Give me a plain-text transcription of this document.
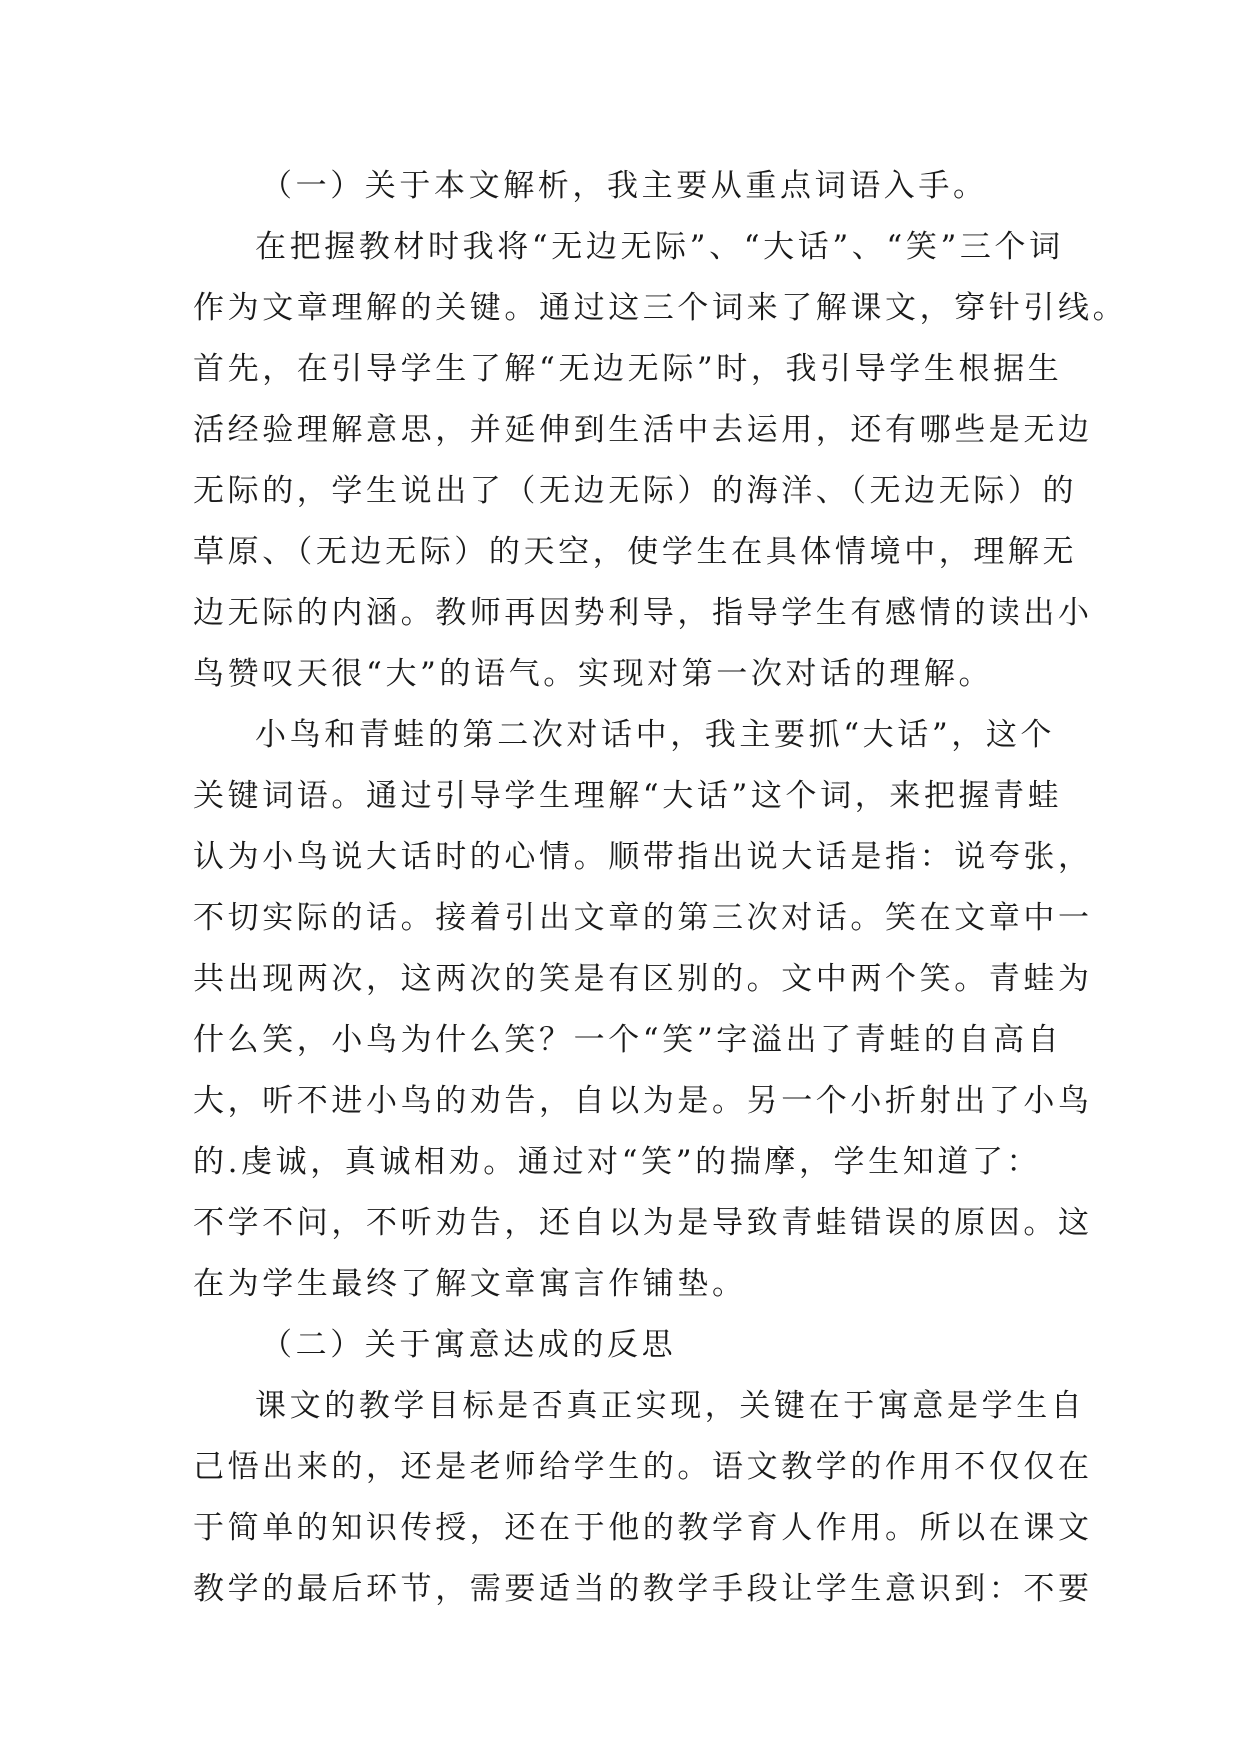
（一）关于本文解析，我主要从重点词语入手。
在把握教材时我将“无边无际”、“大话”、“笑”三个词
作为文章理解的关键。通过这三个词来了解课文，穿针引线。
首先，在引导学生了解“无边无际”时，我引导学生根据生
活经验理解意思，并延伸到生活中去运用，还有哪些是无边
无际的，学生说出了（无边无际）的海洋、（无边无际）的
草原、（无边无际）的天空，使学生在具体情境中，理解无
边无际的内涵。教师再因势利导，指导学生有感情的读出小
鸟赞叹天很“大”的语气。实现对第一次对话的理解。
小鸟和青蛙的第二次对话中，我主要抓“大话”，这个
关键词语。通过引导学生理解“大话”这个词，来把握青蛙
认为小鸟说大话时的心情。顺带指出说大话是指：说夸张，
不切实际的话。接着引出文章的第三次对话。笑在文章中一
共出现两次，这两次的笑是有区别的。文中两个笑。青蛙为
什么笑，小鸟为什么笑？一个“笑”字溢出了青蛙的自高自
大，听不进小鸟的劝告，自以为是。另一个小折射出了小鸟
的.虔诚，真诚相劝。通过对“笑”的揣摩，学生知道了：
不学不问，不听劝告，还自以为是导致青蛙错误的原因。这
在为学生最终了解文章寓言作铺垫。
（二）关于寓意达成的反思
课文的教学目标是否真正实现，关键在于寓意是学生自
己悟出来的，还是老师给学生的。语文教学的作用不仅仅在
于简单的知识传授，还在于他的教学育人作用。所以在课文
教学的最后环节，需要适当的教学手段让学生意识到：不要
